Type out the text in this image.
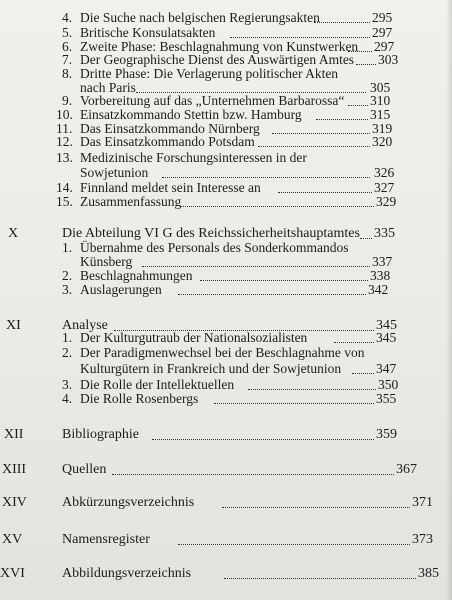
4. Die Suche nach belgischen Regierungsakten	295
5. Britische Konsulatsakten	297
6. Zweite Phase: Beschlagnahmung von Kunstwerken 297
7. Der Geographische Dienst des Auswärtigen Amtes 303
8. Dritte Phase: Die Verlagerung politischer Akten
nach Paris	305
9. Vorbereitung auf das „Unternehmen Barbarossa“ 310
10. Einsatzkommando Stettin bzw. Hamburg	315
11. Das Einsatzkommando Nürnberg	319
12. Das Einsatzkommando Potsdam	320
13. Medizinische Forschungsinteressen in der
Sowjetunion	326
14. Finnland meldet sein Interesse an	327
15. Zusammenfassung	329
X	Die Abteilung VI G des Reichssicherheitshauptamtes 335
1. Übernahme des Personals des Sonderkommandos
Künsberg	337
2. Beschlagnahmungen	338
3. Auslagerungen	342
XI	Analyse	345
1. Der Kulturgutraub der Nationalsozialisten	345
2. Der Paradigmenwechsel bei der Beschlagnahme von
Kulturgütern in Frankreich und der Sowjetunion	347
3. Die Rolle der Intellektuellen	350
4. Die Rolle Rosenbergs	355
XII	Bibliographie	359
XIII	Quellen	367
XIV	Abkürzungsverzeichnis	371
XV	Namensregister	373
XVI	Abbildungsverzeichnis	385
